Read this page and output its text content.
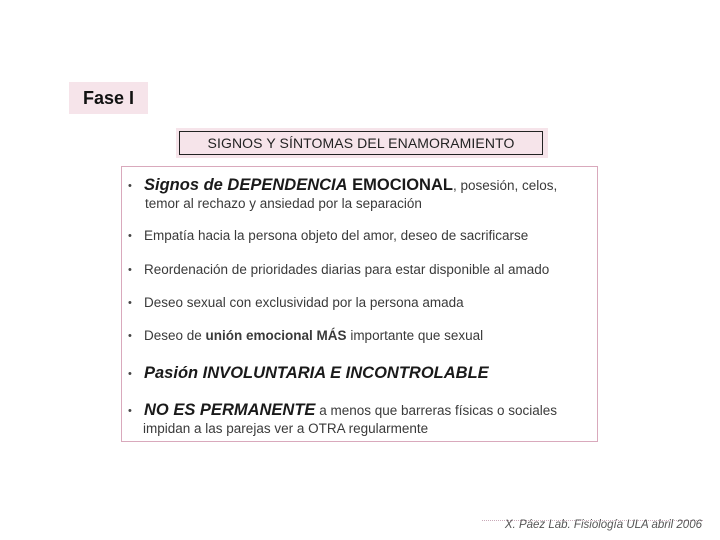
Fase I
SIGNOS Y SÍNTOMAS DEL ENAMORAMIENTO
• Signos de DEPENDENCIA EMOCIONAL, posesión, celos,
temor al rechazo y ansiedad por la separación
• Empatía hacia la persona objeto del amor, deseo de sacrificarse
• Reordenación de prioridades diarias para estar disponible al amado
• Deseo sexual con exclusividad por la persona amada
• Deseo de unión emocional MÁS importante que sexual
• Pasión INVOLUNTARIA E INCONTROLABLE
• NO ES PERMANENTE a menos que barreras físicas o sociales
impidan a las parejas ver a OTRA regularmente
X. Páez Lab. Fisiología ULA abril 2006
